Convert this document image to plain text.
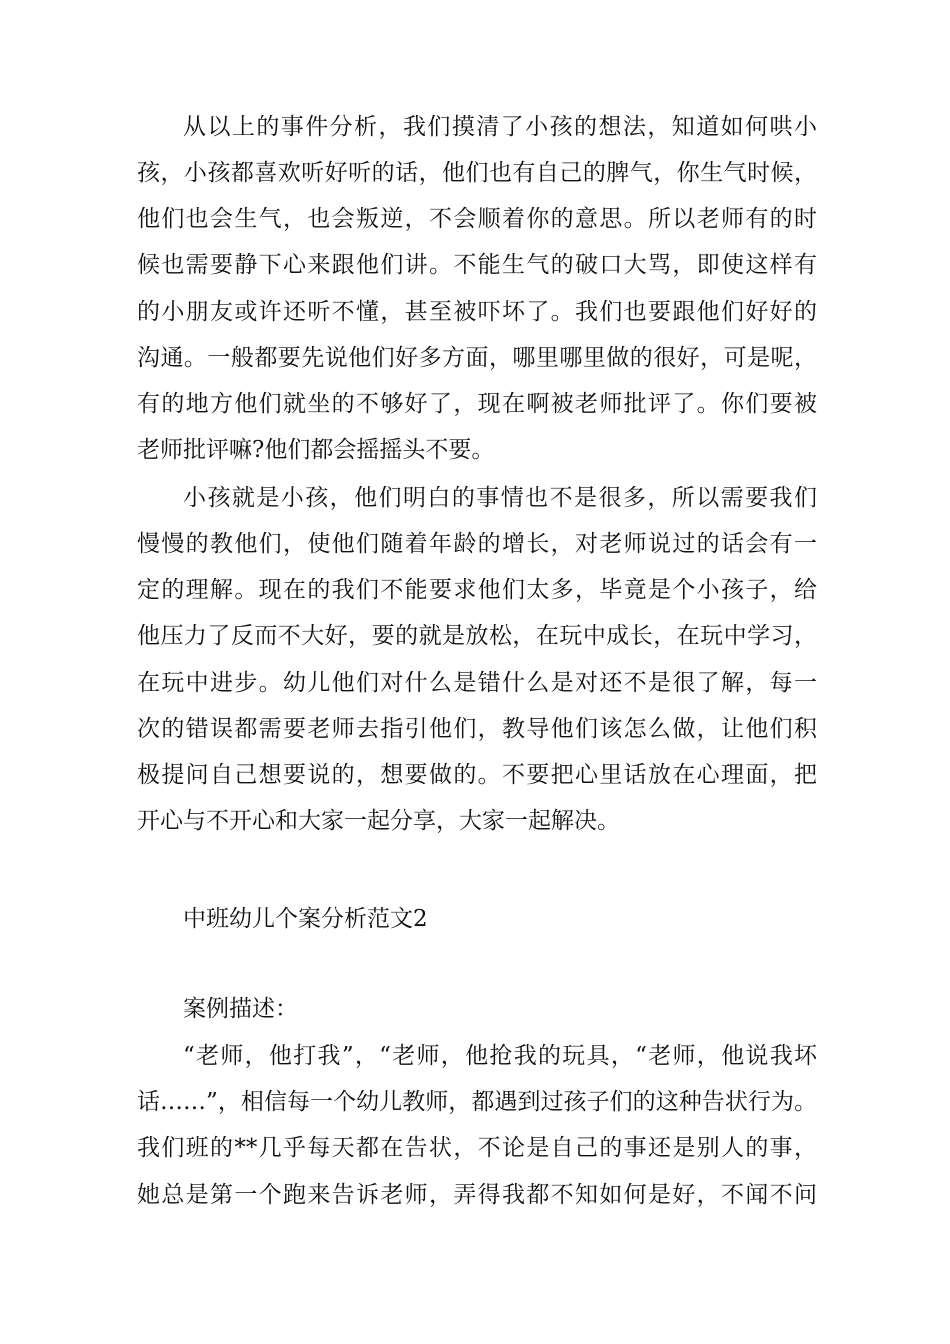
从以上的事件分析，我们摸清了小孩的想法，知道如何哄小
孩，小孩都喜欢听好听的话，他们也有自己的脾气，你生气时候，
他们也会生气，也会叛逆，不会顺着你的意思。所以老师有的时
候也需要静下心来跟他们讲。不能生气的破口大骂，即使这样有
的小朋友或许还听不懂，甚至被吓坏了。我们也要跟他们好好的
沟通。一般都要先说他们好多方面，哪里哪里做的很好，可是呢，
有的地方他们就坐的不够好了，现在啊被老师批评了。你们要被
老师批评嘛?他们都会摇摇头不要。
小孩就是小孩，他们明白的事情也不是很多，所以需要我们
慢慢的教他们，使他们随着年龄的增长，对老师说过的话会有一
定的理解。现在的我们不能要求他们太多，毕竟是个小孩子，给
他压力了反而不大好，要的就是放松，在玩中成长，在玩中学习，
在玩中进步。幼儿他们对什么是错什么是对还不是很了解，每一
次的错误都需要老师去指引他们，教导他们该怎么做，让他们积
极提问自己想要说的，想要做的。不要把心里话放在心理面，把
开心与不开心和大家一起分享，大家一起解决。
中班幼儿个案分析范文2
案例描述：
“老师，他打我”，“老师，他抢我的玩具，“老师，他说我坏
话……”，相信每一个幼儿教师，都遇到过孩子们的这种告状行为。
我们班的**几乎每天都在告状，不论是自己的事还是别人的事，
她总是第一个跑来告诉老师，弄得我都不知如何是好，不闻不问
